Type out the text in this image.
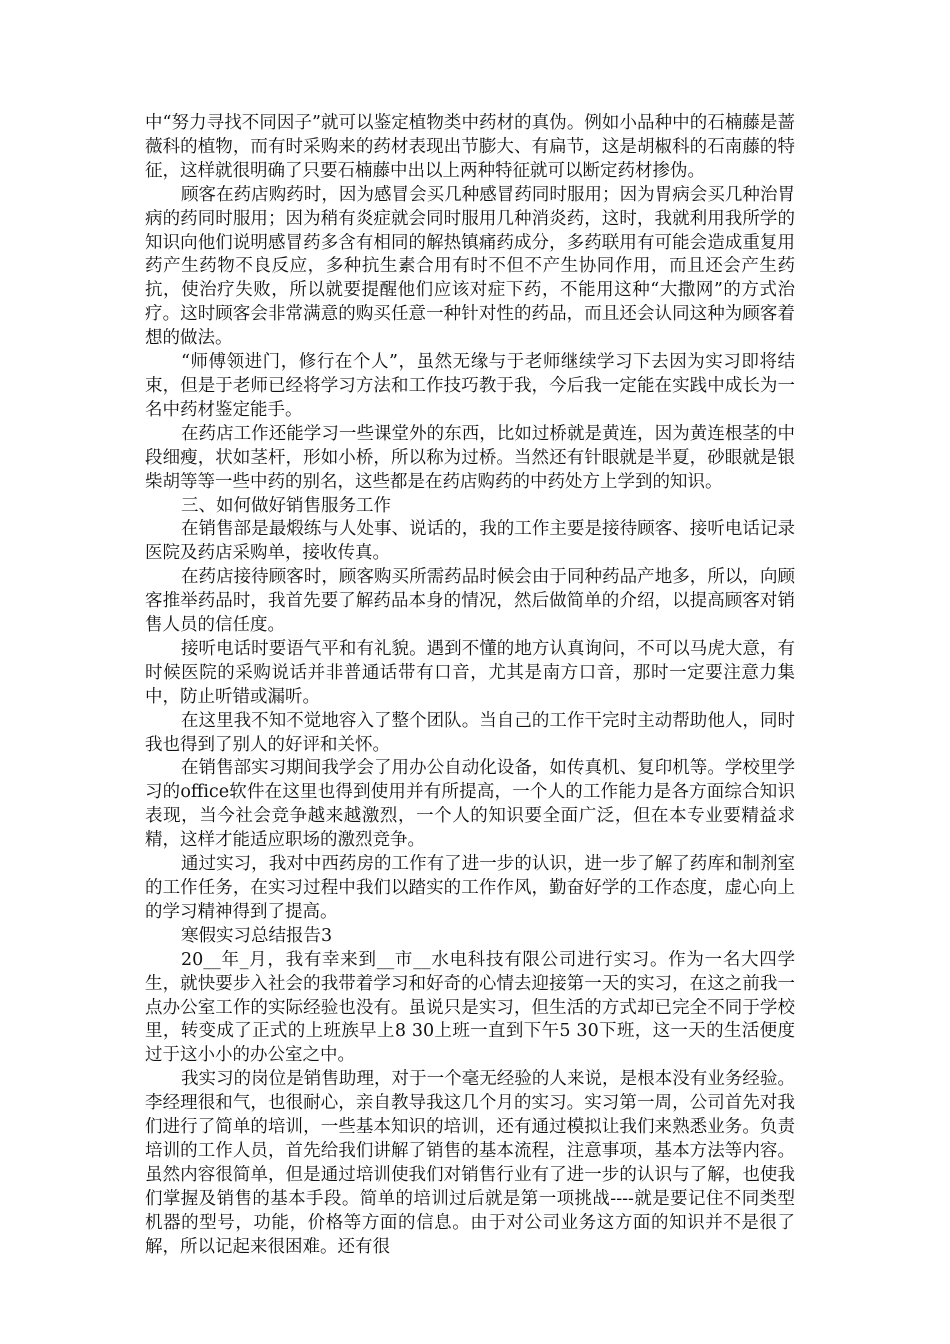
中“努力寻找不同因子”就可以鉴定植物类中药材的真伪。例如小品种中的石楠藤是蔷薇科的植物，而有时采购来的药材表现出节膨大、有扁节，这是胡椒科的石南藤的特征，这样就很明确了只要石楠藤中出以上两种特征就可以断定药材掺伪。

顾客在药店购药时，因为感冒会买几种感冒药同时服用；因为胃病会买几种治胃病的药同时服用；因为稍有炎症就会同时服用几种消炎药，这时，我就利用我所学的知识向他们说明感冒药多含有相同的解热镇痛药成分，多药联用有可能会造成重复用药产生药物不良反应，多种抗生素合用有时不但不产生协同作用，而且还会产生药抗，使治疗失败，所以就要提醒他们应该对症下药，不能用这种“大撒网”的方式治疗。这时顾客会非常满意的购买任意一种针对性的药品，而且还会认同这种为顾客着想的做法。

“师傅领进门，修行在个人”，虽然无缘与于老师继续学习下去因为实习即将结束，但是于老师已经将学习方法和工作技巧教于我，今后我一定能在实践中成长为一名中药材鉴定能手。

在药店工作还能学习一些课堂外的东西，比如过桥就是黄连，因为黄连根茎的中段细瘦，状如茎杆，形如小桥，所以称为过桥。当然还有针眼就是半夏，砂眼就是银柴胡等等一些中药的别名，这些都是在药店购药的中药处方上学到的知识。

三、如何做好销售服务工作

在销售部是最煅练与人处事、说话的，我的工作主要是接待顾客、接听电话记录医院及药店采购单，接收传真。

在药店接待顾客时，顾客购买所需药品时候会由于同种药品产地多，所以，向顾客推举药品时，我首先要了解药品本身的情况，然后做简单的介绍，以提高顾客对销售人员的信任度。

接听电话时要语气平和有礼貌。遇到不懂的地方认真询问，不可以马虎大意，有时候医院的采购说话并非普通话带有口音，尤其是南方口音，那时一定要注意力集中，防止听错或漏听。

在这里我不知不觉地容入了整个团队。当自己的工作干完时主动帮助他人，同时我也得到了别人的好评和关怀。

在销售部实习期间我学会了用办公自动化设备，如传真机、复印机等。学校里学习的office软件在这里也得到使用并有所提高，一个人的工作能力是各方面综合知识表现，当今社会竞争越来越激烈，一个人的知识要全面广泛，但在本专业要精益求精，这样才能适应职场的激烈竞争。

通过实习，我对中西药房的工作有了进一步的认识，进一步了解了药库和制剂室的工作任务，在实习过程中我们以踏实的工作作风，勤奋好学的工作态度，虚心向上的学习精神得到了提高。

寒假实习总结报告3

20__年_月，我有幸来到__市__水电科技有限公司进行实习。作为一名大四学生，就快要步入社会的我带着学习和好奇的心情去迎接第一天的实习，在这之前我一点办公室工作的实际经验也没有。虽说只是实习，但生活的方式却已完全不同于学校里，转变成了正式的上班族早上8 30上班一直到下午5 30下班，这一天的生活便度过于这小小的办公室之中。

我实习的岗位是销售助理，对于一个毫无经验的人来说，是根本没有业务经验。李经理很和气，也很耐心，亲自教导我这几个月的实习。实习第一周，公司首先对我们进行了简单的培训，一些基本知识的培训，还有通过模拟让我们来熟悉业务。负责培训的工作人员，首先给我们讲解了销售的基本流程，注意事项，基本方法等内容。虽然内容很简单，但是通过培训使我们对销售行业有了进一步的认识与了解，也使我们掌握及销售的基本手段。简单的培训过后就是第一项挑战----就是要记住不同类型机器的型号，功能，价格等方面的信息。由于对公司业务这方面的知识并不是很了解，所以记起来很困难。还有很
